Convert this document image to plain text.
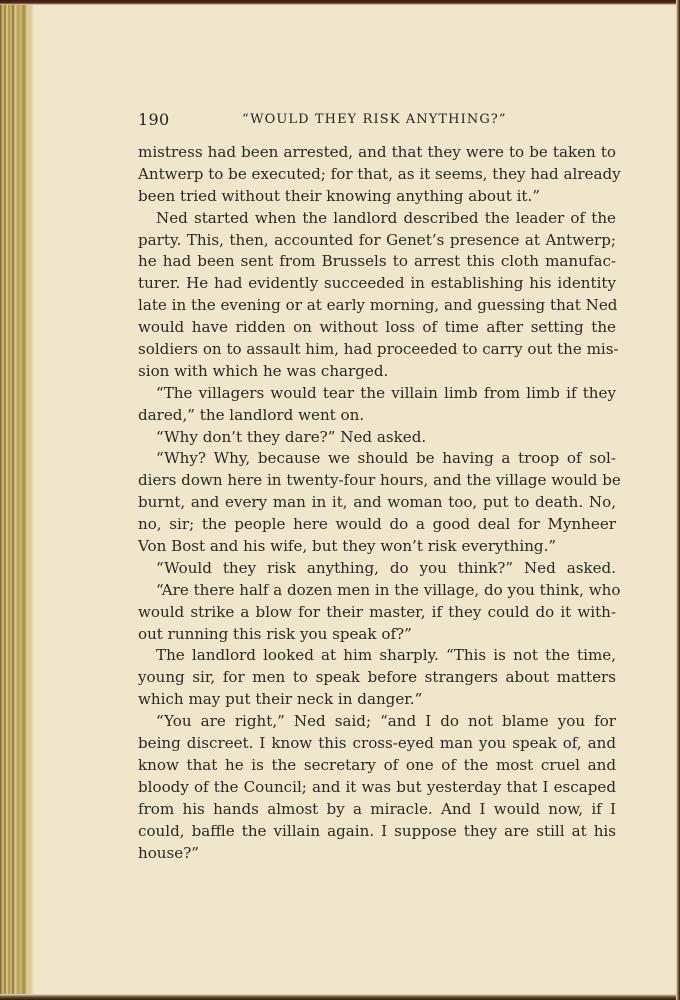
190	“WOULD THEY RISK ANYTHING?”
mistress had been arrested, and that they were to be taken to
Antwerp to be executed; for that, as it seems, they had already
been tried without their knowing anything about it.”
Ned started when the landlord described the leader of the
party. This, then, accounted for Genet’s presence at Antwerp;
he had been sent from Brussels to arrest this cloth manufac-
turer. He had evidently succeeded in establishing his identity
late in the evening or at early morning, and guessing that Ned
would have ridden on without loss of time after setting the
soldiers on to assault him, had proceeded to carry out the mis-
sion with which he was charged.
“The villagers would tear the villain limb from limb if they
dared,” the landlord went on.
“Why don’t they dare?” Ned asked.
“Why? Why, because we should be having a troop of sol-
diers down here in twenty-four hours, and the village would be
burnt, and every man in it, and woman too, put to death. No,
no, sir; the people here would do a good deal for Mynheer
Von Bost and his wife, but they won’t risk everything.”
“Would they risk anything, do you think?” Ned asked.
“Are there half a dozen men in the village, do you think, who
would strike a blow for their master, if they could do it with-
out running this risk you speak of?”
The landlord looked at him sharply. “This is not the time,
young sir, for men to speak before strangers about matters
which may put their neck in danger.”
“You are right,” Ned said; “and I do not blame you for
being discreet. I know this cross-eyed man you speak of, and
know that he is the secretary of one of the most cruel and
bloody of the Council; and it was but yesterday that I escaped
from his hands almost by a miracle. And I would now, if I
could, baffle the villain again. I suppose they are still at his
house?”
